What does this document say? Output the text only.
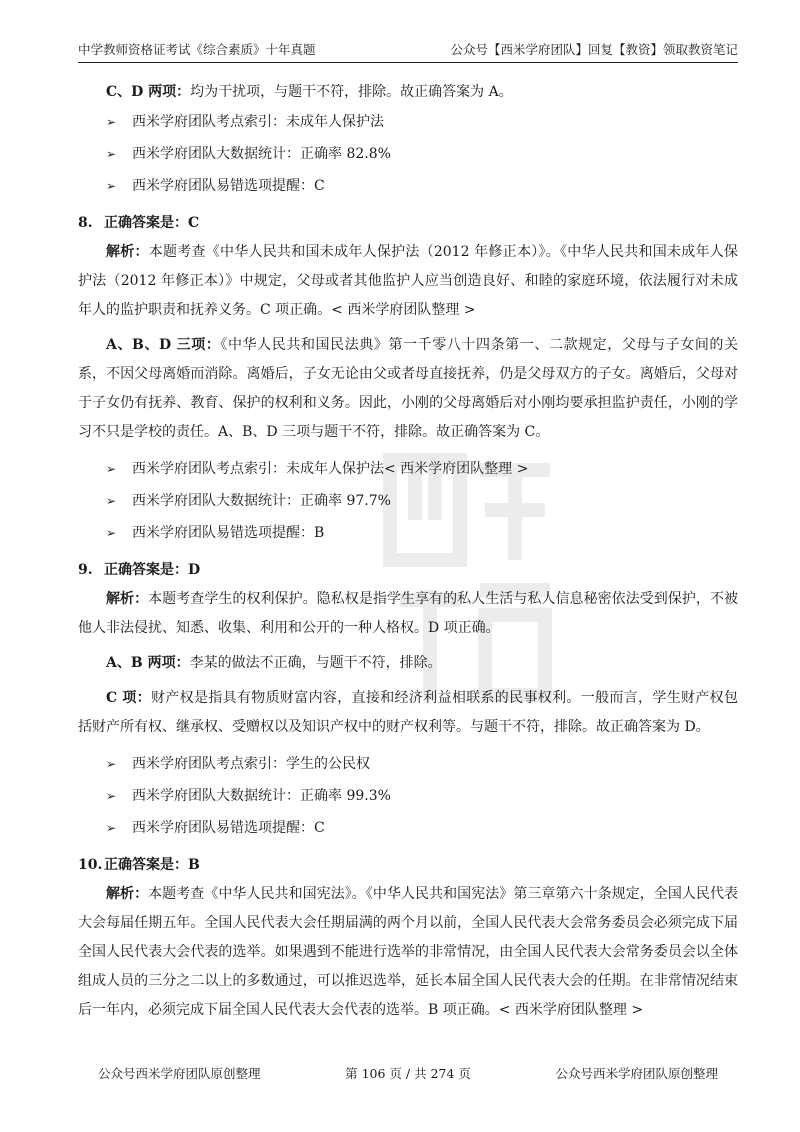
中学教师资格证考试《综合素质》十年真题	公众号【西米学府团队】回复【教资】领取教资笔记
C、D 两项：均为干扰项，与题干不符，排除。故正确答案为 A。
➢ 西米学府团队考点索引：未成年人保护法
➢ 西米学府团队大数据统计：正确率 82.8%
➢ 西米学府团队易错选项提醒：C
8. 正确答案是：C

解析：本题考查《中华人民共和国未成年人保护法（2012 年修正本）》。《中华人民共和国未成年人保护法（2012 年修正本）》中规定，父母或者其他监护人应当创造良好、和睦的家庭环境，依法履行对未成年人的监护职责和抚养义务。C 项正确。< 西米学府团队整理 >

A、B、D 三项：《中华人民共和国民法典》第一千零八十四条第一、二款规定，父母与子女间的关系，不因父母离婚而消除。离婚后，子女无论由父或者母直接抚养，仍是父母双方的子女。离婚后，父母对于子女仍有抚养、教育、保护的权利和义务。因此，小刚的父母离婚后对小刚均要承担监护责任，小刚的学习不只是学校的责任。A、B、D 三项与题干不符，排除。故正确答案为 C。

➢ 西米学府团队考点索引：未成年人保护法< 西米学府团队整理 >
➢ 西米学府团队大数据统计：正确率 97.7%
➢ 西米学府团队易错选项提醒：B
9. 正确答案是：D

解析：本题考查学生的权利保护。隐私权是指学生享有的私人生活与私人信息秘密依法受到保护，不被他人非法侵扰、知悉、收集、利用和公开的一种人格权。D 项正确。

A、B 两项：李某的做法不正确，与题干不符，排除。

C 项：财产权是指具有物质财富内容，直接和经济利益相联系的民事权利。一般而言，学生财产权包括财产所有权、继承权、受赠权以及知识产权中的财产权利等。与题干不符，排除。故正确答案为 D。

➢ 西米学府团队考点索引：学生的公民权
➢ 西米学府团队大数据统计：正确率 99.3%
➢ 西米学府团队易错选项提醒：C
10. 正确答案是：B

解析：本题考查《中华人民共和国宪法》。《中华人民共和国宪法》第三章第六十条规定，全国人民代表大会每届任期五年。全国人民代表大会任期届满的两个月以前，全国人民代表大会常务委员会必须完成下届全国人民代表大会代表的选举。如果遇到不能进行选举的非常情况，由全国人民代表大会常务委员会以全体组成人员的三分之二以上的多数通过，可以推迟选举，延长本届全国人民代表大会的任期。在非常情况结束后一年内，必须完成下届全国人民代表大会代表的选举。B 项正确。< 西米学府团队整理 >

公众号西米学府团队原创整理	第 106 页 / 共 274 页	公众号西米学府团队原创整理
